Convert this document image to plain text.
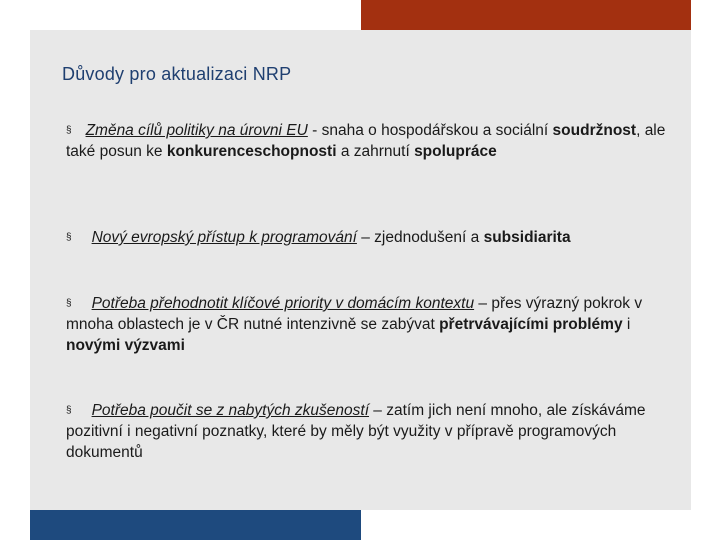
Důvody pro aktualizaci NRP

§ Změna cílů politiky na úrovni EU - snaha o hospodářskou a sociální soudržnost, ale také posun ke konkurenceschopnosti a zahrnutí spolupráce

§ Nový evropský přístup k programování – zjednodušení a subsidiarita

§ Potřeba přehodnotit klíčové priority v domácím kontextu – přes výrazný pokrok v mnoha oblastech je v ČR nutné intenzivně se zabývat přetrvávajícími problémy i novými výzvami

§ Potřeba poučit se z nabytých zkušeností – zatím jich není mnoho, ale získáváme pozitivní i negativní poznatky, které by měly být využity v přípravě programových dokumentů
